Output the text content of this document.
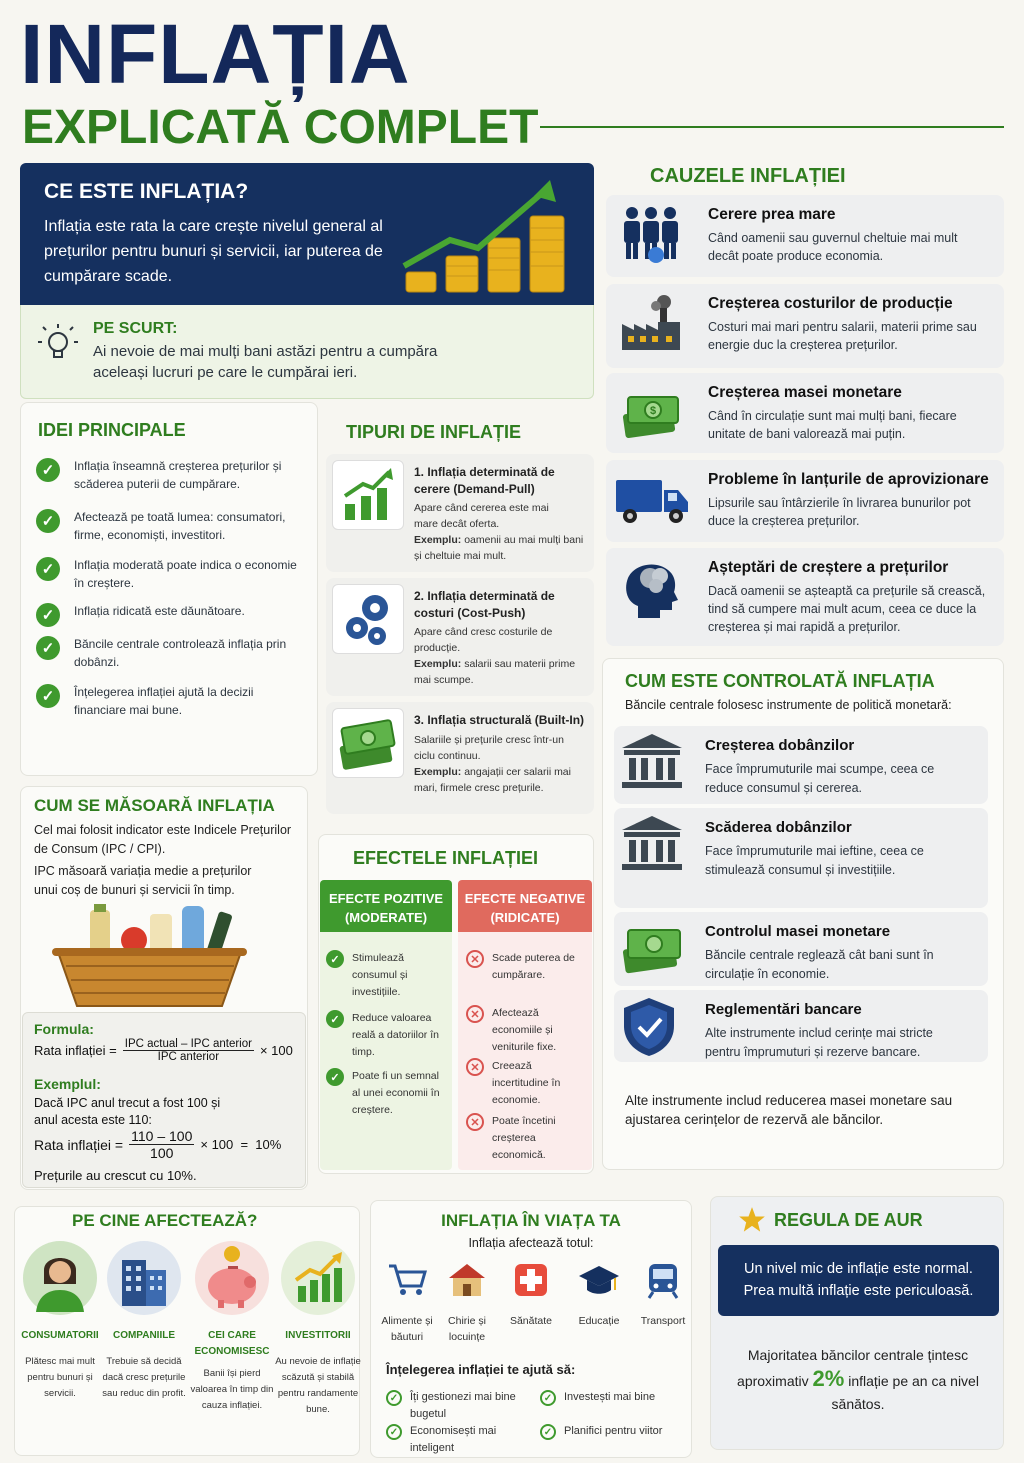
INFLAȚIA
EXPLICATĂ COMPLET
CE ESTE INFLAȚIA?
Inflația este rata la care crește nivelul general al prețurilor pentru bunuri și servicii, iar puterea de cumpărare scade.
PE SCURT:
Ai nevoie de mai mulți bani astăzi pentru a cumpăra aceleași lucruri pe care le cumpărai ieri.
CAUZELE INFLAȚIEI
IDEI PRINCIPALE	TIPURI DE INFLAȚIE
CUM SE MĂSOARĂ INFLAȚIA
Cel mai folosit indicator este Indicele Prețurilor de Consum (IPC / CPI).
IPC măsoară variația medie a prețurilor unui coș de bunuri și servicii în timp.
Formula:
Rata inflației = $\frac{\text{IPC actual – IPC anterior}}{\text{IPC anterior}} \times 100$
Exemplul:
Dacă IPC anul trecut a fost 100 și anul acesta este 110:
Rata inflației = $\frac{110 - 100}{100} \times 100 = 10\%$
Prețurile au crescut cu 10%.
EFECTELE INFLAȚIEI
EFECTE POZITIVE (MODERATE)
EFECTE NEGATIVE (RIDICATE)
CUM ESTE CONTROLATĂ INFLAȚIA
Băncile centrale folosesc instrumente de politică monetară:
Alte instrumente includ reducerea masei monetare sau ajustarea cerințelor de rezervă ale băncilor.
PE CINE AFECTEAZĂ?	INFLAȚIA ÎN VIAȚA TA
Inflația afectează totul:
Înțelegerea inflației te ajută să:
REGULA DE AUR
Un nivel mic de inflație este normal. Prea multă inflație este periculoasă.
Majoritatea băncilor centrale țintesc aproximativ 2% inflație pe an ca nivel sănătos.
Cerere prea mare
Când oamenii sau guvernul cheltuie mai mult decât poate produce economia.
Creșterea costurilor de producție
Costuri mai mari pentru salarii, materii prime sau energie duc la creșterea prețurilor.
$
Creșterea masei monetare
Când în circulație sunt mai mulți bani, fiecare unitate de bani valorează mai puțin.
Probleme în lanțurile de aprovizionare
Lipsurile sau întârzierile în livrarea bunurilor pot duce la creșterea prețurilor.
Așteptări de creștere a prețurilor
Dacă oamenii se așteaptă ca prețurile să crească, tind să cumpere mai mult acum, ceea ce duce la creșterea și mai rapidă a prețurilor.
✓	Inflația înseamnă creșterea prețurilor și scăderea puterii de cumpărare.
✓	Afectează pe toată lumea: consumatori, firme, economiști, investitori.
✓	Inflația moderată poate indica o economie în creștere.
✓	Inflația ridicată este dăunătoare.
✓	Băncile centrale controlează inflația prin dobânzi.
✓	Înțelegerea inflației ajută la decizii financiare mai bune.
1. Inflația determinată de cerere (Demand-Pull)
Apare când cererea este mai mare decât oferta.
Exemplu: oamenii au mai mulți bani și cheltuie mai mult.
2. Inflația determinată de costuri (Cost-Push)
Apare când cresc costurile de producție.
Exemplu: salarii sau materii prime mai scumpe.
3. Inflația structurală (Built-In)
Salariile și prețurile cresc într-un ciclu continuu.
Exemplu: angajații cer salarii mai mari, firmele cresc prețurile.
✓	Stimulează consumul și investițiile.
✓	Reduce valoarea reală a datoriilor în timp.
✓	Poate fi un semnal al unei economii în creștere.
✕	Scade puterea de cumpărare.
✕	Afectează economiile și veniturile fixe.
✕	Creează incertitudine în economie.
✕	Poate încetini creșterea economică.
Creșterea dobânzilor
Face împrumuturile mai scumpe, ceea ce reduce consumul și cererea.
Scăderea dobânzilor
Face împrumuturile mai ieftine, ceea ce stimulează consumul și investițiile.
Controlul masei monetare
Băncile centrale reglează cât bani sunt în circulație în economie.
Reglementări bancare
Alte instrumente includ cerințe mai stricte pentru împrumuturi și rezerve bancare.
CONSUMATORII
Plătesc mai mult pentru bunuri și servicii.
COMPANIILE
Trebuie să decidă dacă cresc prețurile sau reduc din profit.
CEI CARE ECONOMISESC
Banii își pierd valoarea în timp din cauza inflației.
INVESTITORII
Au nevoie de inflație scăzută și stabilă pentru randamente bune.
Alimente și băuturi
Chirie și locuințe
Sănătate	Educație	Transport
✓	Îți gestionezi mai bine bugetul
✓	Investești mai bine
✓	Economisești mai inteligent
✓	Planifici pentru viitor
